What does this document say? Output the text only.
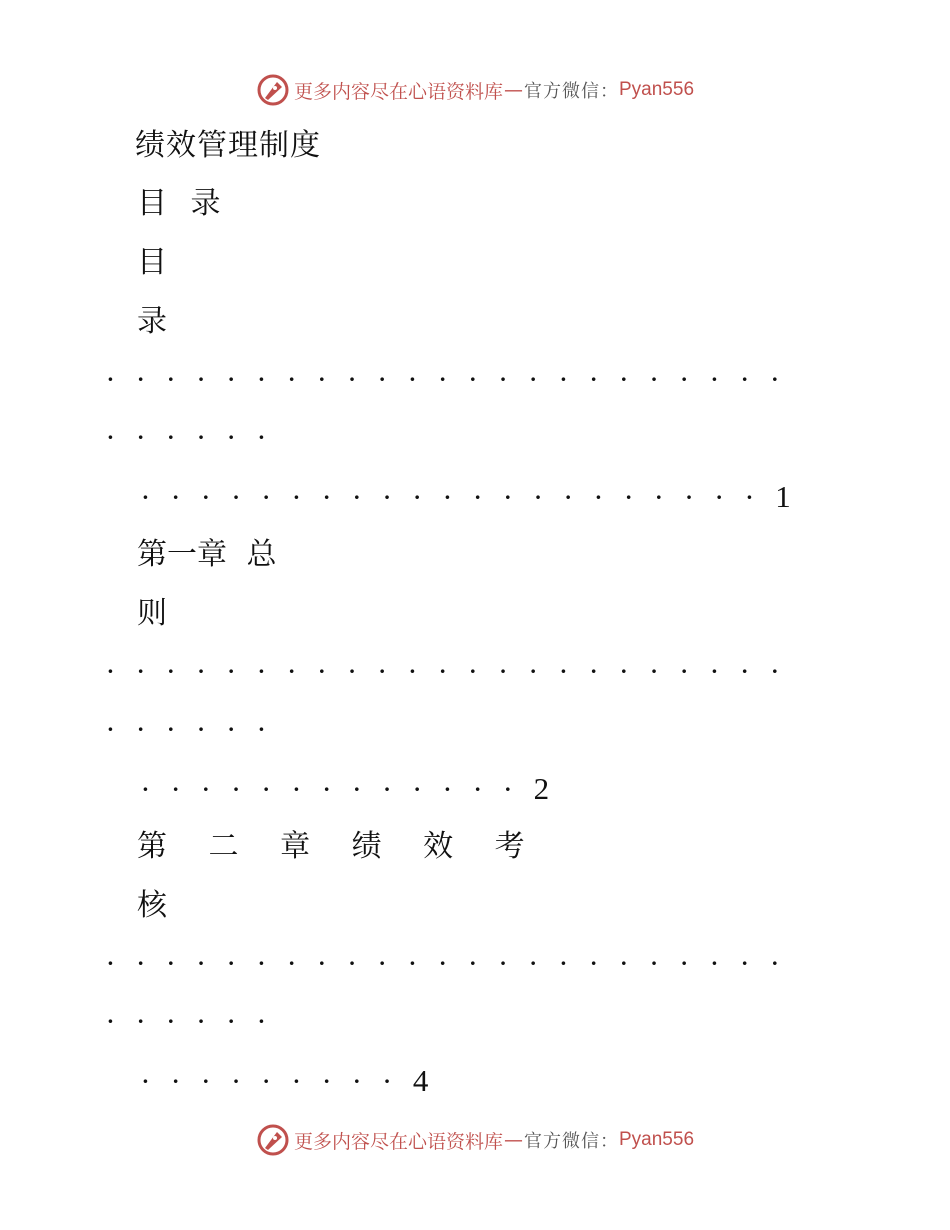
更多内容尽在心语资料库 — 官方微信： Pyan556
绩效管理制度
目 录
目
录
·······················
······
·····················1
第一章 总
则
·······················
······
·············2
第 二 章 绩 效 考
核
·······················
······
·········4
更多内容尽在心语资料库 — 官方微信： Pyan556
